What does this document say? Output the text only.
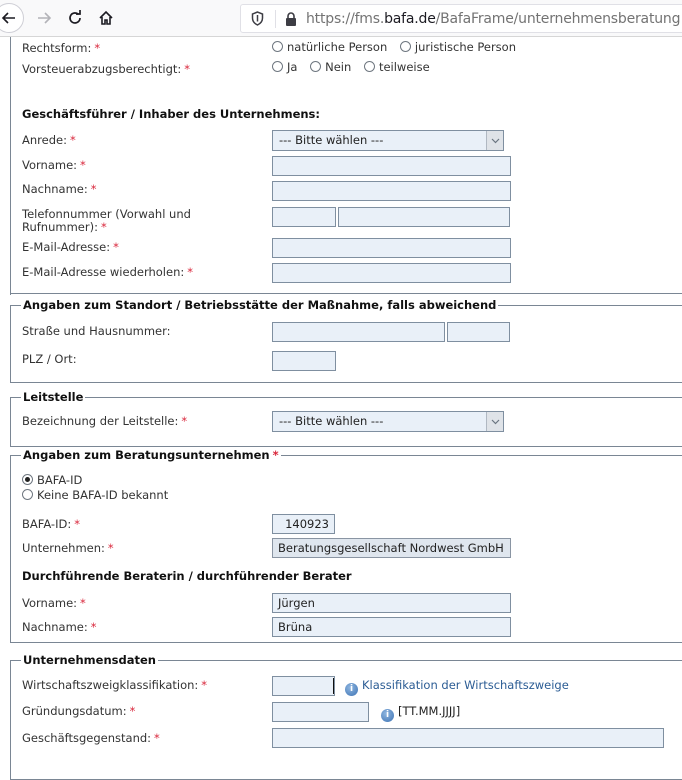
https://fms.bafa.de/BafaFrame/unternehmensberatung
Rechtsform: *	natürliche Person juristische Person
Vorsteuerabzugsberechtigt: *	Ja Nein teilweise
Geschäftsführer / Inhaber des Unternehmens:
Anrede: *	--- Bitte wählen ---
Vorname: *
Nachname: *
Telefonnummer (Vorwahl und
Rufnummer): *
E-Mail-Adresse: *
E-Mail-Adresse wiederholen: *
Angaben zum Standort / Betriebsstätte der Maßnahme, falls abweichend
Straße und Hausnummer:
PLZ / Ort:
Leitstelle
Bezeichnung der Leitstelle: *	--- Bitte wählen ---
Angaben zum Beratungsunternehmen *
BAFA-ID
Keine BAFA-ID bekannt
BAFA-ID: *	140923
Unternehmen: *	Beratungsgesellschaft Nordwest GmbH
Durchführende Beraterin / durchführender Berater
Vorname: *	Jürgen
Nachname: *	Brüna
Unternehmensdaten
Wirtschaftszweigklassifikation: *	i Klassifikation der Wirtschaftszweige
Gründungsdatum: *	i [TT.MM.JJJJ]
Geschäftsgegenstand: *
